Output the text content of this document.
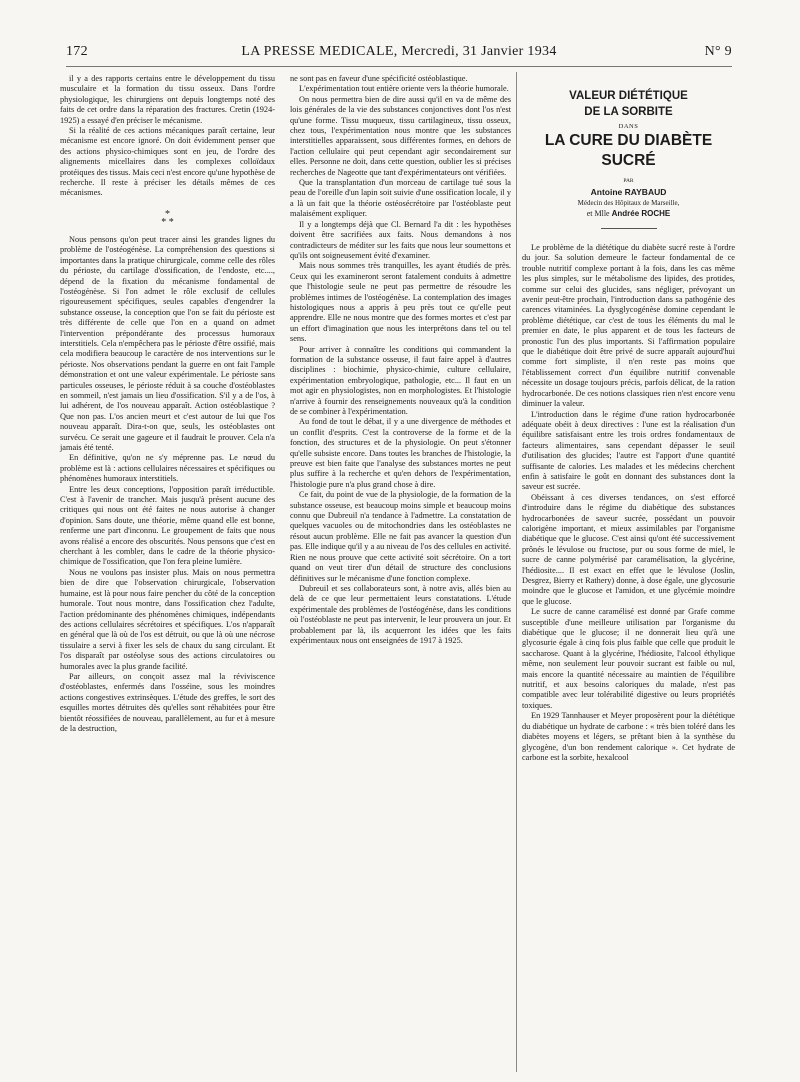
172	LA PRESSE MEDICALE, Mercredi, 31 Janvier 1934	N° 9

il y a des rapports certains entre le développement du tissu musculaire et la formation du tissu osseux. Dans l'ordre physiologique, les chirurgiens ont depuis longtemps noté des faits de cet ordre dans la réparation des fractures. Cretin (1924-1925) a essayé d'en préciser le mécanisme.

Si la réalité de ces actions mécaniques paraît certaine, leur mécanisme est encore ignoré. On doit évidemment penser que des actions physico-chimiques sont en jeu, de l'ordre des alignements micellaires dans les complexes colloïdaux protéiques des tissus. Mais ceci n'est encore qu'une hypothèse de recherche. Il reste à préciser les détails mêmes de ces mécanismes.

*
* *

Nous pensons qu'on peut tracer ainsi les grandes lignes du problème de l'ostéogénèse. La compréhension des questions si importantes dans la pratique chirurgicale, comme celle des rôles du périoste, du cartilage d'ossification, de l'endoste, etc...., dépend de la fixation du mécanisme fondamental de l'ostéogénèse. Si l'on admet le rôle exclusif de cellules rigoureusement spécifiques, seules capables d'engendrer la substance osseuse, la conception que l'on se fait du périoste est très différente de celle que l'on en a quand on admet l'intervention prépondérante des processus humoraux interstitiels. Cela n'empêchera pas le périoste d'être ossifié, mais cela modifiera beaucoup le caractère de nos interventions sur le périoste. Nos observations pendant la guerre en ont fait l'ample démonstration et ont une valeur expérimentale. Le périoste sans particules osseuses, le périoste réduit à sa couche d'ostéoblastes en sommeil, n'est jamais un lieu d'ossification. S'il y a de l'os, à lui adhérent, de l'os nouveau apparaît. Action ostéoblastique ? Que non pas. L'os ancien meurt et c'est autour de lui que l'os nouveau apparaît. Dira-t-on que, seuls, les ostéoblastes ont survécu. Ce serait une gageure et il faudrait le prouver. Cela n'a jamais été tenté.

En définitive, qu'on ne s'y méprenne pas. Le nœud du problème est là : actions cellulaires nécessaires et spécifiques ou phénomènes humoraux interstitiels.

Entre les deux conceptions, l'opposition paraît irréductible. C'est à l'avenir de trancher. Mais jusqu'à présent aucune des critiques qui nous ont été faites ne nous autorise à changer d'opinion. Sans doute, une théorie, même quand elle est bonne, renferme une part d'inconnu. Le groupement de faits que nous avons réalisé a encore des obscurités. Nous pensons que c'est en cherchant à les combler, dans le cadre de la théorie physico-chimique de l'ossification, que l'on fera pleine lumière.

Nous ne voulons pas insister plus. Mais on nous permettra bien de dire que l'observation chirurgicale, l'observation humaine, est là pour nous faire pencher du côté de la conception humorale. Tout nous montre, dans l'ossification chez l'adulte, l'action prédominante des phénomènes chimiques, indépendants des actions cellulaires sécrétoires et spécifiques. L'os n'apparaît en général que là où de l'os est détruit, ou que là où une nécrose tissulaire a servi à fixer les sels de chaux du sang circulant. Et l'os disparaît par ostéolyse sous des actions circulatoires ou humorales avec la plus grande facilité.

Par ailleurs, on conçoit assez mal la réviviscence d'ostéoblastes, enfermés dans l'osséine, sous les moindres actions congestives extrinsèques. L'étude des greffes, le sort des esquilles mortes détruites dès qu'elles sont réhabitées pour être bientôt réossifiées de nouveau, parallèlement, au fur et à mesure de la destruction,

ne sont pas en faveur d'une spécificité ostéoblastique.

L'expérimentation tout entière oriente vers la théorie humorale.

On nous permettra bien de dire aussi qu'il en va de même des lois générales de la vie des substances conjonctives dont l'os n'est qu'une forme. Tissu muqueux, tissu cartilagineux, tissu osseux, chez tous, l'expérimentation nous montre que les substances interstitielles apparaissent, sous différentes formes, en dehors de l'action cellulaire qui peut cependant agir secondairement sur elles. Personne ne doit, dans cette question, oublier les si précises recherches de Nageotte que tant d'expérimentateurs ont vérifiées.

Que la transplantation d'un morceau de cartilage tué sous la peau de l'oreille d'un lapin soit suivie d'une ossification locale, il y a là un fait que la théorie ostéosécrétoire par l'ostéoblaste peut malaisément expliquer.

Il y a longtemps déjà que Cl. Bernard l'a dit : les hypothèses doivent être sacrifiées aux faits. Nous demandons à nos contradicteurs de méditer sur les faits que nous leur soumettons et qu'ils ont soigneusement évité d'examiner.

Mais nous sommes très tranquilles, les ayant étudiés de près. Ceux qui les examineront seront fatalement conduits à admettre que l'histologie seule ne peut pas permettre de résoudre les problèmes intimes de l'ostéogénèse. La contemplation des images histologiques nous a appris à peu près tout ce qu'elle peut apprendre. Elle ne nous montre que des formes mortes et c'est par un effort d'imagination que nous les interprétons dans tel ou tel sens.

Pour arriver à connaître les conditions qui commandent la formation de la substance osseuse, il faut faire appel à d'autres disciplines : biochimie, physico-chimie, culture cellulaire, expérimentation embryologique, pathologie, etc... Il faut en un mot agir en physiologistes, non en morphologistes. Et l'histologie n'arrive à fournir des renseignements nouveaux qu'à la condition de se combiner à l'expérimentation.

Au fond de tout le débat, il y a une divergence de méthodes et un conflit d'esprits. C'est la controverse de la forme et de la fonction, des structures et de la physiologie. On peut s'étonner qu'elle subsiste encore. Dans toutes les branches de l'histologie, la preuve est bien faite que l'analyse des substances mortes ne peut plus suffire à la recherche et qu'en dehors de l'expérimentation, l'histologie pure n'a plus grand chose à dire.

Ce fait, du point de vue de la physiologie, de la formation de la substance osseuse, est beaucoup moins simple et beaucoup moins connu que Dubreuil n'a tendance à l'admettre. La constatation de quelques vacuoles ou de mitochondries dans les ostéoblastes ne résout aucun problème. Elle ne fait pas avancer la question d'un pas. Elle indique qu'il y a au niveau de l'os des cellules en activité. Rien ne nous prouve que cette activité soit sécrétoire. On a tort quand on veut tirer d'un détail de structure des conclusions définitives sur le mécanisme d'une fonction complexe.

Dubreuil et ses collaborateurs sont, à notre avis, allés bien au delà de ce que leur permettaient leurs constatations. L'étude expérimentale des problèmes de l'ostéogénèse, dans les conditions où l'ostéoblaste ne peut pas intervenir, le leur prouvera un jour. Et probablement par là, ils acquerront les idées que les faits expérimentaux nous ont enseignées de 1917 à 1925.

VALEUR DIÉTÉTIQUE
DE LA SORBITE
DANS
LA CURE DU DIABÈTE SUCRÉ
PAR
Antoine RAYBAUD
Médecin des Hôpitaux de Marseille,
et Mlle Andrée ROCHE

Le problème de la diététique du diabète sucré reste à l'ordre du jour. Sa solution demeure le facteur fondamental de ce trouble nutritif complexe portant à la fois, dans les cas même les plus simples, sur le métabolisme des lipides, des protides, comme sur celui des glucides, sans négliger, prévoyant un avenir peut-être prochain, l'introduction dans sa pathogénie des carences vitaminées. La dysglycogénèse domine cependant le problème diététique, car c'est de tous les éléments du mal le premier en date, le plus apparent et de tous les facteurs de pronostic l'un des plus importants. Si l'affirmation populaire que le diabétique doit être privé de sucre apparaît aujourd'hui comme fort simpliste, il n'en reste pas moins que l'établissement correct d'un équilibre nutritif convenable nécessite un dosage toujours précis, parfois délicat, de la ration hydrocarbonée. De ces notions classiques rien n'est encore venu diminuer la valeur.

L'introduction dans le régime d'une ration hydrocarbonée adéquate obéit à deux directives : l'une est la réalisation d'un équilibre satisfaisant entre les trois ordres fondamentaux de facteurs alimentaires, sans cependant dépasser le seuil d'utilisation des glucides; l'autre est l'apport d'une quantité suffisante de calories. Les malades et les médecins cherchent enfin à satisfaire le goût en donnant des substances dont la saveur est sucrée.

Obéissant à ces diverses tendances, on s'est efforcé d'introduire dans le régime du diabétique des substances hydrocarbonées de saveur sucrée, possédant un pouvoir calorigène important, et mieux assimilables par l'organisme diabétique que le glucose. C'est ainsi qu'ont été successivement prônés le lévulose ou fructose, pur ou sous forme de miel, le sucre de canne polymérisé par caramélisation, la glycérine, l'hédiosite.... Il est exact en effet que le lévulose (Joslin, Desgrez, Bierry et Rathery) donne, à dose égale, une glycosurie moindre que le glucose et l'amidon, et une glycémie moindre que le glucose.

Le sucre de canne caramélisé est donné par Grafe comme susceptible d'une meilleure utilisation par l'organisme du diabétique que le glucose; il ne donnerait lieu qu'à une glycosurie égale à cinq fois plus faible que celle que produit le saccharose. Quant à la glycérine, l'hédiosite, l'alcool éthylique même, non seulement leur pouvoir sucrant est faible ou nul, mais encore la quantité nécessaire au maintien de l'équilibre nutritif, et aux besoins caloriques du malade, n'est pas compatible avec leur tolérabilité digestive ou leurs propriétés toxiques.

En 1929 Tannhauser et Meyer proposèrent pour la diététique du diabétique un hydrate de carbone : « très bien toléré dans les diabètes moyens et légers, se prêtant bien à la synthèse du glycogène, d'un bon rendement calorique ». Cet hydrate de carbone est la sorbite, hexalcool
